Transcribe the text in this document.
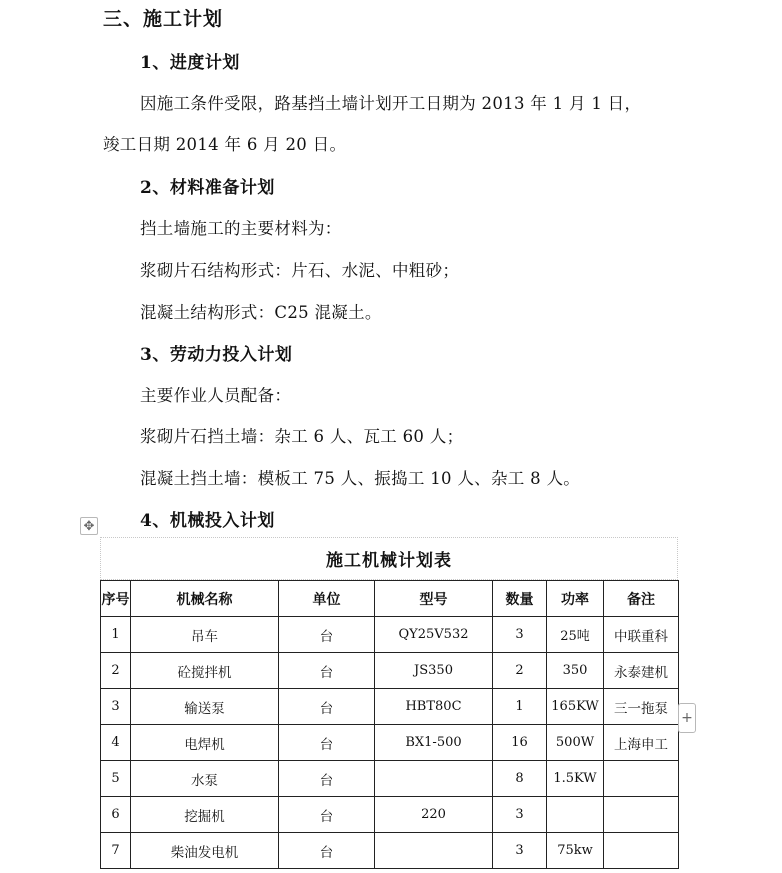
三、施工计划
1、进度计划
因施工条件受限，路基挡土墙计划开工日期为 2013 年 1 月 1 日，
竣工日期 2014 年 6 月 20 日。
2、材料准备计划
挡土墙施工的主要材料为：
浆砌片石结构形式：片石、水泥、中粗砂；
混凝土结构形式：C25 混凝土。
3、劳动力投入计划
主要作业人员配备：
浆砌片石挡土墙：杂工 6 人、瓦工 60 人；
混凝土挡土墙：模板工 75 人、振捣工 10 人、杂工 8 人。
4、机械投入计划
✥
施工机械计划表
序号	机械名称	单位	型号	数量	功率	备注
1	吊车	台	QY25V532	3	25吨	中联重科
2	砼搅拌机	台	JS350	2	350	永泰建机
3	输送泵	台	HBT80C	1	165KW	三一拖泵
4	电焊机	台	BX1-500	16	500W	上海申工
5	水泵	台		8	1.5KW	
6	挖掘机	台	220	3		
7	柴油发电机	台		3	75kw	
+
